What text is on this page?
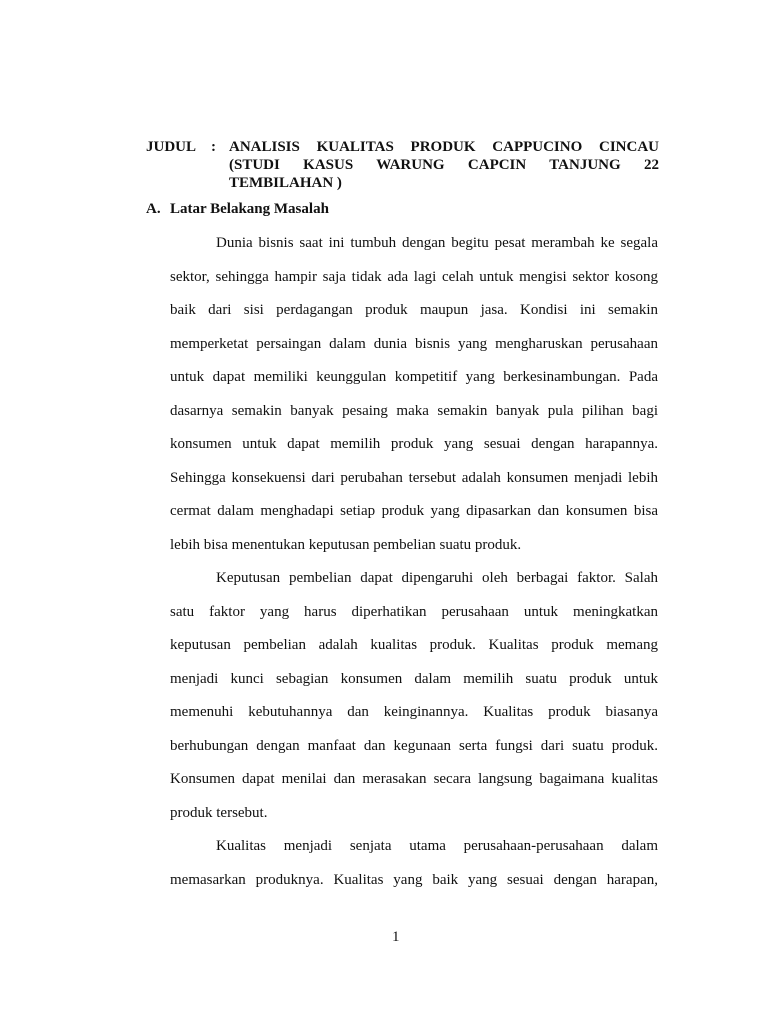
JUDUL : ANALISIS KUALITAS PRODUK CAPPUCINO CINCAU
(STUDI KASUS WARUNG CAPCIN TANJUNG 22
TEMBILAHAN )
A. Latar Belakang Masalah
Dunia bisnis saat ini tumbuh dengan begitu pesat merambah ke segala
sektor, sehingga hampir saja tidak ada lagi celah untuk mengisi sektor kosong
baik dari sisi perdagangan produk maupun jasa. Kondisi ini semakin
memperketat persaingan dalam dunia bisnis yang mengharuskan perusahaan
untuk dapat memiliki keunggulan kompetitif yang berkesinambungan. Pada
dasarnya semakin banyak pesaing maka semakin banyak pula pilihan bagi
konsumen untuk dapat memilih produk yang sesuai dengan harapannya.
Sehingga konsekuensi dari perubahan tersebut adalah konsumen menjadi lebih
cermat dalam menghadapi setiap produk yang dipasarkan dan konsumen bisa
lebih bisa menentukan keputusan pembelian suatu produk.
Keputusan pembelian dapat dipengaruhi oleh berbagai faktor. Salah
satu faktor yang harus diperhatikan perusahaan untuk meningkatkan
keputusan pembelian adalah kualitas produk. Kualitas produk memang
menjadi kunci sebagian konsumen dalam memilih suatu produk untuk
memenuhi kebutuhannya dan keinginannya. Kualitas produk biasanya
berhubungan dengan manfaat dan kegunaan serta fungsi dari suatu produk.
Konsumen dapat menilai dan merasakan secara langsung bagaimana kualitas
produk tersebut.
Kualitas menjadi senjata utama perusahaan-perusahaan dalam
memasarkan produknya. Kualitas yang baik yang sesuai dengan harapan,
1
